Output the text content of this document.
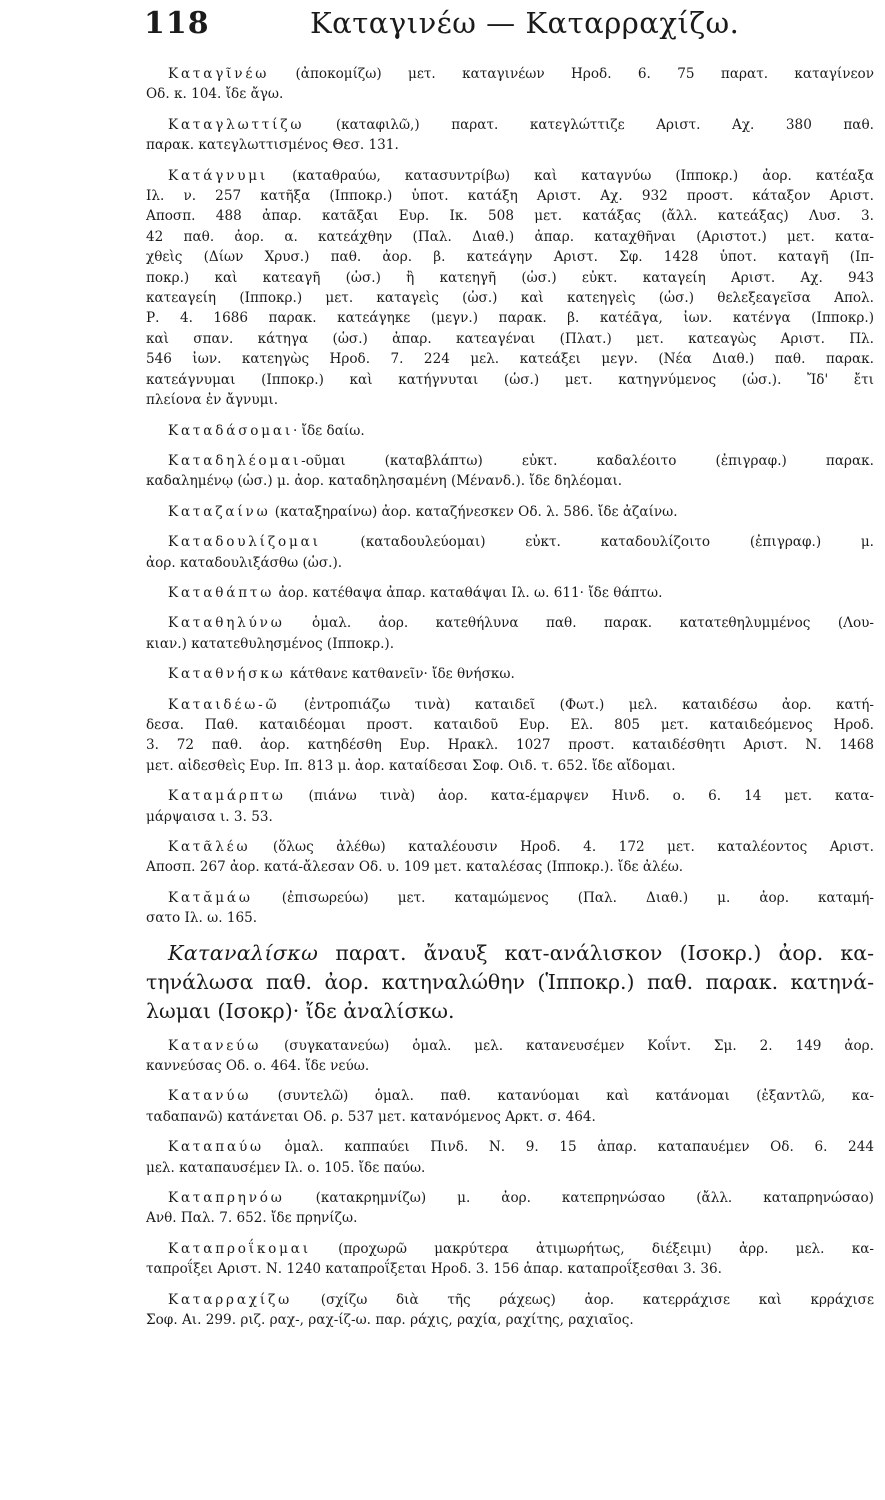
118	Καταγινέω — Καταρραχίζω.
Καταγῖνέω (ἀποκομίζω) μετ. καταγινέων Ηροδ. 6. 75 παρατ. καταγίνεον
Οδ. κ. 104. ἴδε ἄγω.
Καταγλωττίζω (καταφιλῶ,) παρατ. κατεγλώττιζε Αριστ. Αχ. 380 παθ.
παρακ. κατεγλωττισμένος Θεσ. 131.
Κατάγνυμι (καταθραύω, κατασυντρίβω) καὶ καταγνύω (Ιπποκρ.) ἀορ. κατέαξα
Ιλ. ν. 257 κατῆξα (Ιπποκρ.) ὑποτ. κατάξη Αριστ. Αχ. 932 προστ. κάταξον Αριστ.
Αποσπ. 488 ἀπαρ. κατᾶξαι Ευρ. Ικ. 508 μετ. κατάξας (ἄλλ. κατεάξας) Λυσ. 3.
42 παθ. ἀορ. α. κατεάχθην (Παλ. Διαθ.) ἀπαρ. καταχθῆναι (Αριστοτ.) μετ. κατα-
χθεὶς (Δίων Χρυσ.) παθ. ἀορ. β. κατεάγην Αριστ. Σφ. 1428 ὑποτ. καταγῆ (Ιπ-
ποκρ.) καὶ κατεαγῆ (ὡσ.) ἢ κατεηγῆ (ὡσ.) εὐκτ. καταγείη Αριστ. Αχ. 943
κατεαγείη (Ιπποκρ.) μετ. καταγεὶς (ὡσ.) καὶ κατεηγεὶς (ὡσ.) θελεξεαγεῖσα Απολ.
Ρ. 4. 1686 παρακ. κατεάγηκε (μεγν.) παρακ. β. κατέᾱγα, ἰων. κατένγα (Ιπποκρ.)
καὶ σπαν. κάτηγα (ὡσ.) ἀπαρ. κατεαγέναι (Πλατ.) μετ. κατεαγὼς Αριστ. Πλ.
546 ἰων. κατεηγὼς Ηροδ. 7. 224 μελ. κατεάξει μεγν. (Νέα Διαθ.) παθ. παρακ.
κατεάγνυμαι (Ιπποκρ.) καὶ κατήγνυται (ὡσ.) μετ. κατηγνύμενος (ὡσ.). Ἴδ' ἔτι
πλείονα ἐν ἄγνυμι.
Καταδάσομαι· ἴδε δαίω.
Καταδηλέομαι-οῦμαι (καταβλάπτω) εὐκτ. καδαλέοιτο (ἐπιγραφ.) παρακ.
καδαλημένῳ (ὡσ.) μ. ἀορ. καταδηλησαμένη (Μένανδ.). ἴδε δηλέομαι.
Καταζαίνω (καταξηραίνω) ἀορ. καταζήνεσκεν Οδ. λ. 586. ἴδε ἀζαίνω.
Καταδουλίζομαι (καταδουλεύομαι) εὐκτ. καταδουλίζοιτο (ἐπιγραφ.) μ.
ἀορ. καταδουλιξάσθω (ὡσ.).
Καταθάπτω ἀορ. κατέθαψα ἀπαρ. καταθάψαι Ιλ. ω. 611· ἴδε θάπτω.
Καταθηλύνω ὁμαλ. ἀορ. κατεθήλυνα παθ. παρακ. κατατεθηλυμμένος (Λου-
κιαν.) κατατεθυλησμένος (Ιπποκρ.).
Καταθνήσκω κάτθανε κατθανεῖν· ἴδε θνήσκω.
Καταιδέω-ῶ (ἐντροπιάζω τινὰ) καταιδεῖ (Φωτ.) μελ. καταιδέσω ἀορ. κατή-
δεσα. Παθ. καταιδέομαι προστ. καταιδοῦ Ευρ. Ελ. 805 μετ. καταιδεόμενος Ηροδ.
3. 72 παθ. ἀορ. κατηδέσθη Ευρ. Ηρακλ. 1027 προστ. καταιδέσθητι Αριστ. Ν. 1468
μετ. αἰδεσθεὶς Ευρ. Ιπ. 813 μ. ἀορ. καταίδεσαι Σοφ. Οιδ. τ. 652. ἴδε αἴδομαι.
Καταμάρπτω (πιάνω τινὰ) ἀορ. κατα-έμαρψεν Ηινδ. ο. 6. 14 μετ. κατα-
μάρψαισα ι. 3. 53.
Κατᾶλέω (ὅλως ἀλέθω) καταλέουσιν Ηροδ. 4. 172 μετ. καταλέοντος Αριστ.
Αποσπ. 267 ἀορ. κατά-ἄλεσαν Οδ. υ. 109 μετ. καταλέσας (Ιπποκρ.). ἴδε ἀλέω.
Κατᾰμάω (ἐπισωρεύω) μετ. καταμώμενος (Παλ. Διαθ.) μ. ἀορ. καταμή-
σατο Ιλ. ω. 165.
Καταναλίσκω παρατ. ἄναυξ κατ-ανάλισκον (Ισοκρ.) ἀορ. κα-
τηνάλωσα παθ. ἀορ. κατηναλώθην (Ἱπποκρ.) παθ. παρακ. κατηνά-
λωμαι (Ισοκρ)· ἴδε ἀναλίσκω.
Κατανεύω (συγκατανεύω) ὁμαλ. μελ. κατανευσέμεν Κοΐντ. Σμ. 2. 149 ἀορ.
καννεύσας Οδ. ο. 464. ἴδε νεύω.
Κατανύω (συντελῶ) ὁμαλ. παθ. κατανύομαι καὶ κατάνομαι (ἐξαντλῶ, κα-
ταδαπανῶ) κατάνεται Οδ. ρ. 537 μετ. κατανόμενος Αρκτ. σ. 464.
Καταπαύω ὁμαλ. καππαύει Πινδ. Ν. 9. 15 ἀπαρ. καταπαυέμεν Οδ. 6. 244
μελ. καταπαυσέμεν Ιλ. ο. 105. ἴδε παύω.
Καταπρηνόω (κατακρημνίζω) μ. ἀορ. κατεπρηνώσαο (ἄλλ. καταπρηνώσαο)
Ανθ. Παλ. 7. 652. ἴδε πρηνίζω.
Καταπροΐκομαι (προχωρῶ μακρύτερα ἀτιμωρήτως, διέξειμι) ἀρρ. μελ. κα-
ταπροΐξει Αριστ. Ν. 1240 καταπροΐξεται Ηροδ. 3. 156 ἀπαρ. καταπροΐξεσθαι 3. 36.
Καταρραχίζω (σχίζω διὰ τῆς ράχεως) ἀορ. κατερράχισε καὶ κρράχισε
Σοφ. Αι. 299. ριζ. ραχ-, ραχ-ίζ-ω. παρ. ράχις, ραχία, ραχίτης, ραχιαῖος.
